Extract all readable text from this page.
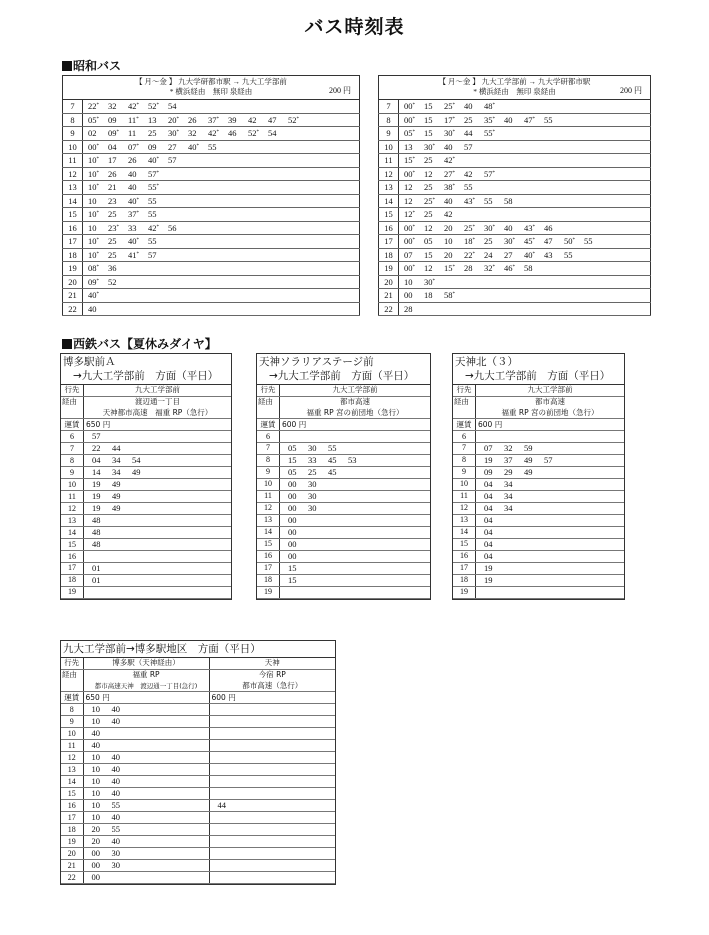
バス時刻表
昭和バス
【 月～金 】 九大学研都市駅 → 九大工学部前
* 横浜経由　無印 泉経由 200 円	

7	22* 32 42* 52* 54
8	05* 09 11* 13 20* 26 37* 39 42 47 52*
9	02 09* 11 25 30* 32 42* 46 52* 54
10	00* 04 07* 09 27 40* 55
11	10* 17 26 40* 57
12	10* 26 40 57*
13	10* 21 40 55*
14	10 23 40* 55
15	10* 25 37* 55
16	10 23* 33 42* 56
17	10* 25 40* 55
18	10* 25 41* 57
19	08* 36
20	09* 52
21	40*
22	40
【 月～金 】 九大工学部前 → 九大学研都市駅
* 横浜経由　無印 泉経由 200 円	

7	00* 15 25* 40 48*
8	00* 15 17* 25 35* 40 47* 55
9	05* 15 30* 44 55*
10	13 30* 40 57
11	15* 25 42*
12	00* 12 27* 42 57*
13	12 25 38* 55
14	12 25* 40 43* 55 58
15	12* 25 42
16	00* 12 20 25* 30* 40 43* 46
17	00* 05 10 18* 25 30* 45* 47 50* 55
18	07 15 20 22* 24 27 40* 43 55
19	00* 12 15* 28 32* 46* 58
20	10 30*
21	00 18 58*
22	28
西鉄バス【夏休みダイヤ】
博多駅前Ａ
→九大工学部前　方面（平日）
行先	九大工学部前
経由	渡辺通一丁目
	天神都市高速　福重 RP（急行）
運賃	650 円
6	57
7	22 44
8	04 34 54
9	14 34 49
10	19 49
11	19 49
12	19 49
13	48
14	48
15	48
16	
17	01
18	01
19	
天神ソラリアステージ前
→九大工学部前　方面（平日）
行先	九大工学部前
経由	都市高速
	福重 RP 宮の前団地（急行）
運賃	600 円
6	
7	05 30 55
8	15 33 45 53
9	05 25 45
10	00 30
11	00 30
12	00 30
13	00
14	00
15	00
16	00
17	15
18	15
19	
天神北（３）
→九大工学部前　方面（平日）
行先	九大工学部前
経由	都市高速
	福重 RP 宮の前団地（急行）
運賃	600 円
6	
7	07 32 59
8	19 37 49 57
9	09 29 49
10	04 34
11	04 34
12	04 34
13	04
14	04
15	04
16	04
17	19
18	19
19	
九大工学部前→博多駅地区　方面（平日）
行先	博多駅（天神経由）	天神
経由	福重 RP	今宿 RP
	都市高速天神　渡辺通一丁目(急行)	都市高速（急行）
運賃	650 円	600 円
8	10 40	
9	10 40	
10	40	
11	40	
12	10 40	
13	10 40	
14	10 40	
15	10 40	
16	10 55	44
17	10 40	
18	20 55	
19	20 40	
20	00 30	
21	00 30	
22	00	
